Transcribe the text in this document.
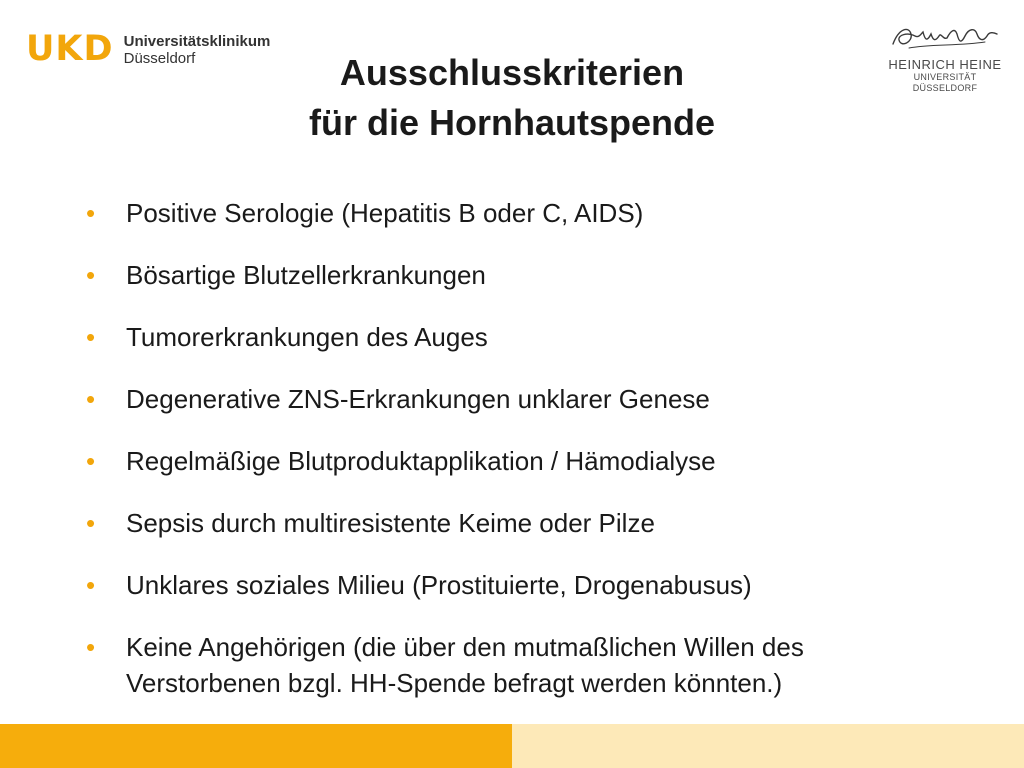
UKD Universitätsklinikum
Düsseldorf	HEINRICH HEINE
UNIVERSITÄT DÜSSELDORF
Ausschlusskriterien
für die Hornhautspende
• Positive Serologie (Hepatitis B oder C, AIDS)
• Bösartige Blutzellerkrankungen
• Tumorerkrankungen des Auges
• Degenerative ZNS-Erkrankungen unklarer Genese
• Regelmäßige Blutproduktapplikation / Hämodialyse
• Sepsis durch multiresistente Keime oder Pilze
• Unklares soziales Milieu (Prostituierte, Drogenabusus)
• Keine Angehörigen (die über den mutmaßlichen Willen des
Verstorbenen bzgl. HH-Spende befragt werden könnten.)
